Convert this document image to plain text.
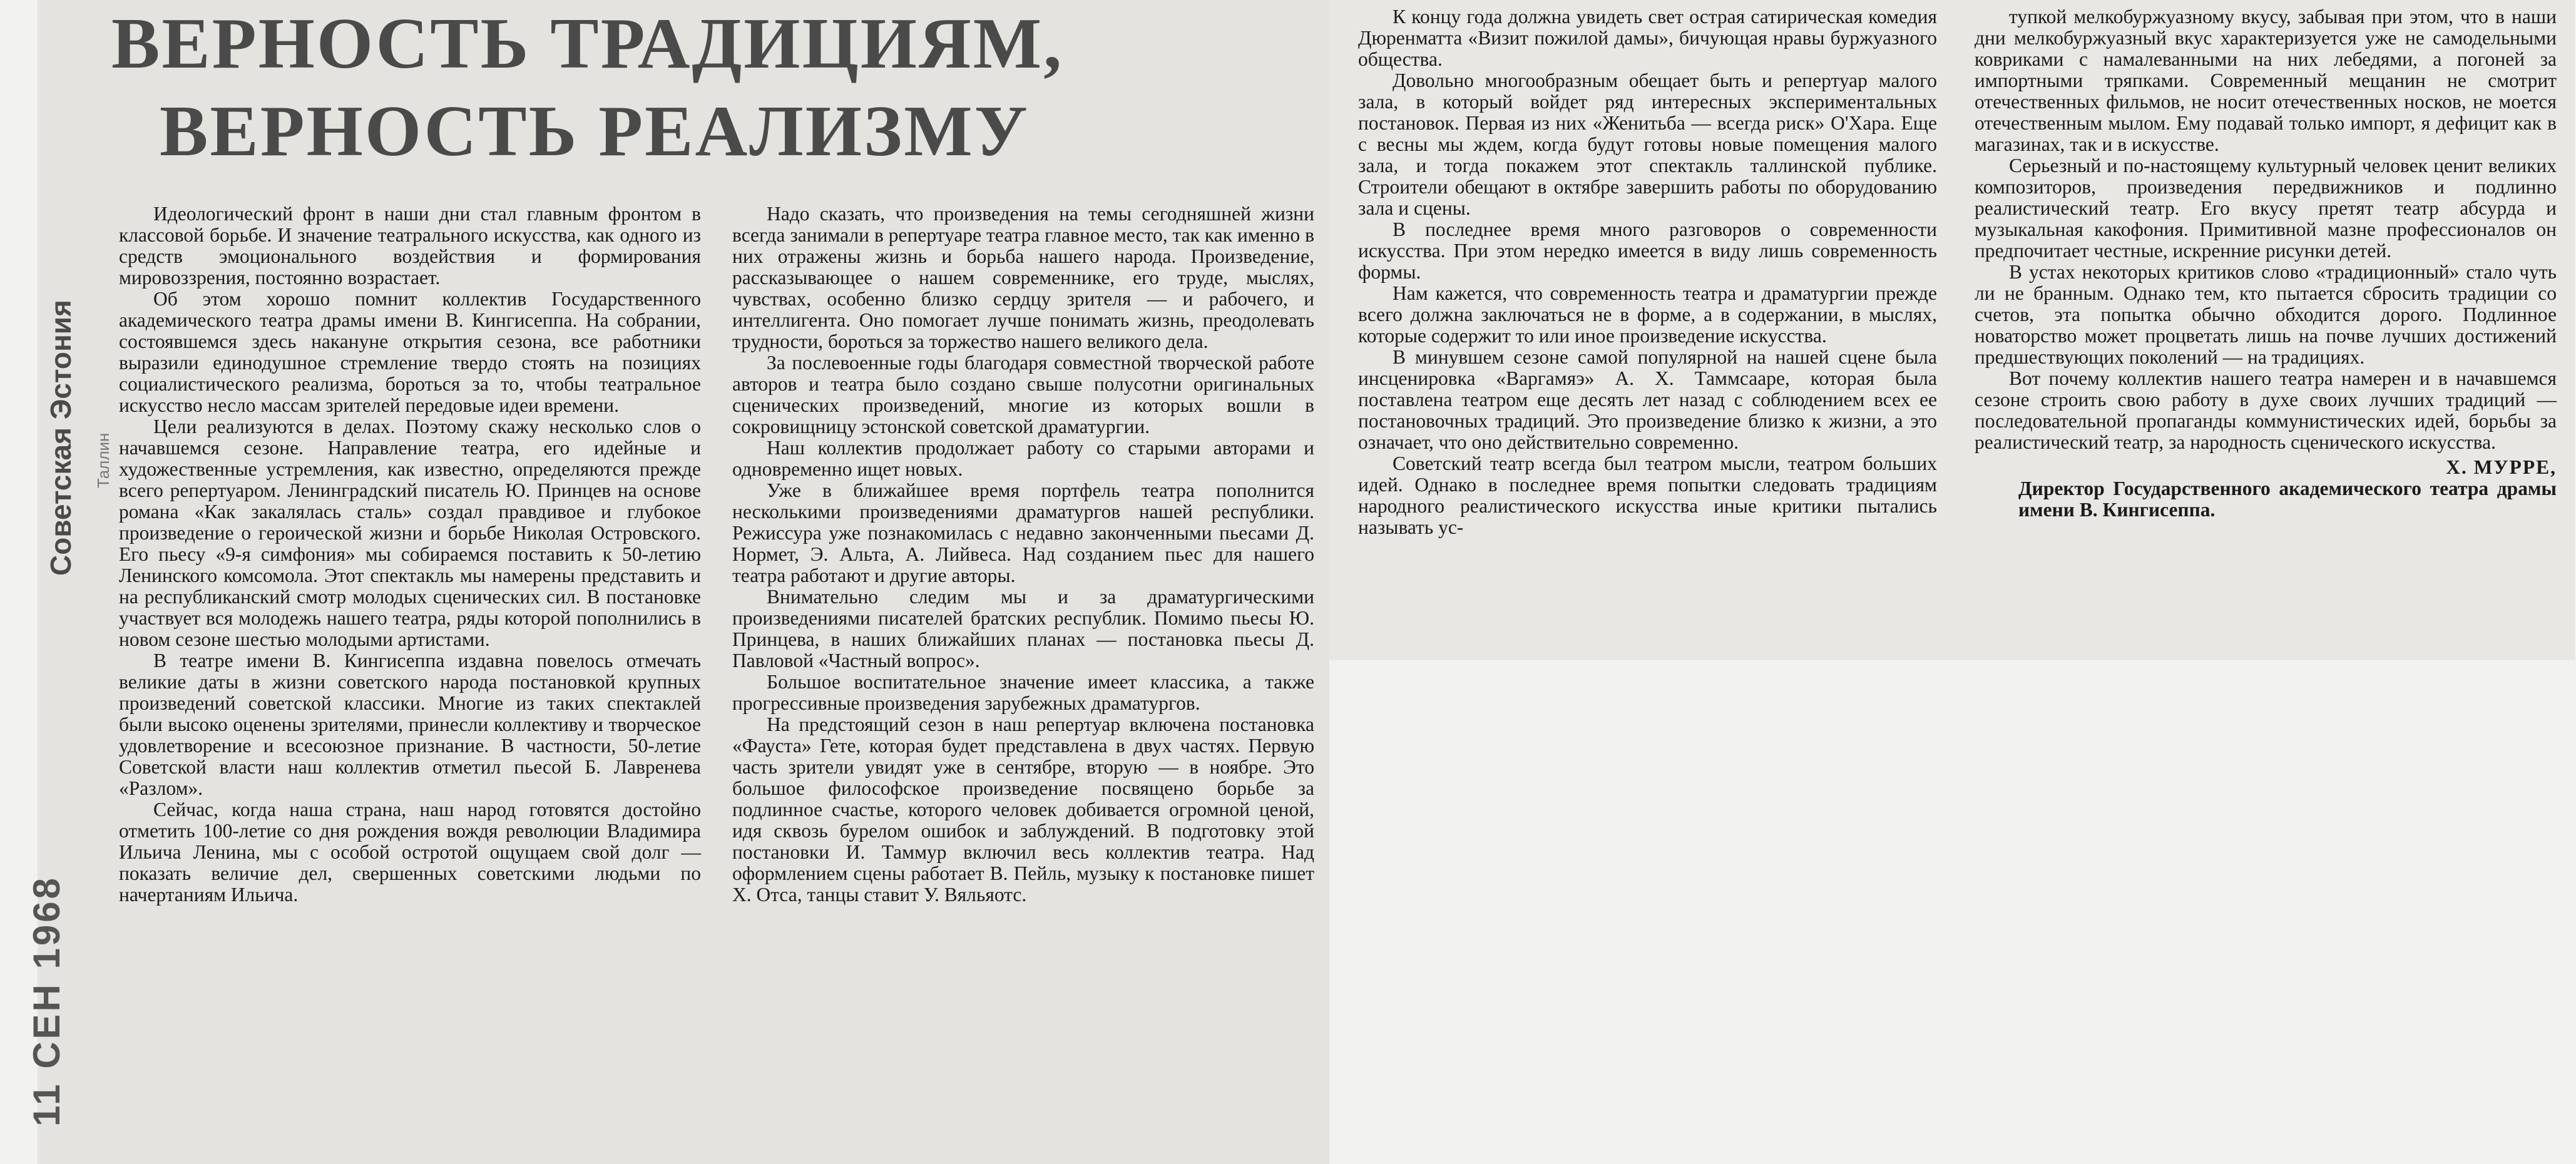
Советская Эстония Таллин
11 СЕН 1968
ВЕРНОСТЬ ТРАДИЦИЯМ,
ВЕРНОСТЬ РЕАЛИЗМУ

Идеологический фронт в наши дни стал главным фронтом в классовой борьбе. И значение театрального искусства, как одного из средств эмоционального воздействия и формирования мировоззрения, постоянно возрастает.

Об этом хорошо помнит коллектив Государственного академического театра драмы имени В. Кингисеппа. На собрании, состоявшемся здесь накануне открытия сезона, все работники выразили единодушное стремление твердо стоять на позициях социалистического реализма, бороться за то, чтобы театральное искусство несло массам зрителей передовые идеи времени.

Цели реализуются в делах. Поэтому скажу несколько слов о начавшемся сезоне. Направление театра, его идейные и художественные устремления, как известно, определяются прежде всего репертуаром. Ленинградский писатель Ю. Принцев на основе романа «Как закалялась сталь» создал правдивое и глубокое произведение о героической жизни и борьбе Николая Островского. Его пьесу «9-я симфония» мы собираемся поставить к 50-летию Ленинского комсомола. Этот спектакль мы намерены представить и на республиканский смотр молодых сценических сил. В постановке участвует вся молодежь нашего театра, ряды которой пополнились в новом сезоне шестью молодыми артистами.

В театре имени В. Кингисеппа издавна повелось отмечать великие даты в жизни советского народа постановкой крупных произведений советской классики. Многие из таких спектаклей были высоко оценены зрителями, принесли коллективу и творческое удовлетворение и всесоюзное признание. В частности, 50-летие Советской власти наш коллектив отметил пьесой Б. Лавренева «Разлом».

Сейчас, когда наша страна, наш народ готовятся достойно отметить 100-летие со дня рождения вождя революции Владимира Ильича Ленина, мы с особой остротой ощущаем свой долг — показать величие дел, свершенных советскими людьми по начертаниям Ильича.

Надо сказать, что произведения на темы сегодняшней жизни всегда занимали в репертуаре театра главное место, так как именно в них отражены жизнь и борьба нашего народа. Произведение, рассказывающее о нашем современнике, его труде, мыслях, чувствах, особенно близко сердцу зрителя — и рабочего, и интеллигента. Оно помогает лучше понимать жизнь, преодолевать трудности, бороться за торжество нашего великого дела.

За послевоенные годы благодаря совместной творческой работе авторов и театра было создано свыше полусотни оригинальных сценических произведений, многие из которых вошли в сокровищницу эстонской советской драматургии.

Наш коллектив продолжает работу со старыми авторами и одновременно ищет новых.

Уже в ближайшее время портфель театра пополнится несколькими произведениями драматургов нашей республики. Режиссура уже познакомилась с недавно законченными пьесами Д. Нормет, Э. Альта, А. Лийвеса. Над созданием пьес для нашего театра работают и другие авторы.

Внимательно следим мы и за драматургическими произведениями писателей братских республик. Помимо пьесы Ю. Принцева, в наших ближайших планах — постановка пьесы Д. Павловой «Частный вопрос».

Большое воспитательное значение имеет классика, а также прогрессивные произведения зарубежных драматургов.

На предстоящий сезон в наш репертуар включена постановка «Фауста» Гете, которая будет представлена в двух частях. Первую часть зрители увидят уже в сентябре, вторую — в ноябре. Это большое философское произведение посвящено борьбе за подлинное счастье, которого человек добивается огромной ценой, идя сквозь бурелом ошибок и заблуждений. В подготовку этой постановки И. Таммур включил весь коллектив театра. Над оформлением сцены работает В. Пейль, музыку к постановке пишет Х. Отса, танцы ставит У. Вяльяотс.

К концу года должна увидеть свет острая сатирическая комедия Дюренматта «Визит пожилой дамы», бичующая нравы буржуазного общества.

Довольно многообразным обещает быть и репертуар малого зала, в который войдет ряд интересных экспериментальных постановок. Первая из них «Женитьба — всегда риск» О'Хара. Еще с весны мы ждем, когда будут готовы новые помещения малого зала, и тогда покажем этот спектакль таллинской публике. Строители обещают в октябре завершить работы по оборудованию зала и сцены.

В последнее время много разговоров о современности искусства. При этом нередко имеется в виду лишь современность формы.

Нам кажется, что современность театра и драматургии прежде всего должна заключаться не в форме, а в содержании, в мыслях, которые содержит то или иное произведение искусства.

В минувшем сезоне самой популярной на нашей сцене была инсценировка «Варгамяэ» А. Х. Таммсааре, которая была поставлена театром еще десять лет назад с соблюдением всех ее постановочных традиций. Это произведение близко к жизни, а это означает, что оно действительно современно.

Советский театр всегда был театром мысли, театром больших идей. Однако в последнее время попытки следовать традициям народного реалистического искусства иные критики пытались называть ус-

тупкой мелкобуржуазному вкусу, забывая при этом, что в наши дни мелкобуржуазный вкус характеризуется уже не самодельными ковриками с намалеванными на них лебедями, а погоней за импортными тряпками. Современный мещанин не смотрит отечественных фильмов, не носит отечественных носков, не моется отечественным мылом. Ему подавай только импорт, я дефицит как в магазинах, так и в искусстве.

Серьезный и по-настоящему культурный человек ценит великих композиторов, произведения передвижников и подлинно реалистический театр. Его вкусу претят театр абсурда и музыкальная какофония. Примитивной мазне профессионалов он предпочитает честные, искренние рисунки детей.

В устах некоторых критиков слово «традиционный» стало чуть ли не бранным. Однако тем, кто пытается сбросить традиции со счетов, эта попытка обычно обходится дорого. Подлинное новаторство может процветать лишь на почве лучших достижений предшествующих поколений — на традициях.

Вот почему коллектив нашего театра намерен и в начавшемся сезоне строить свою работу в духе своих лучших традиций — последовательной пропаганды коммунистических идей, борьбы за реалистический театр, за народность сценического искусства.

Х. МУРРЕ,

Директор Государственного академического театра драмы имени В. Кингисеппа.
